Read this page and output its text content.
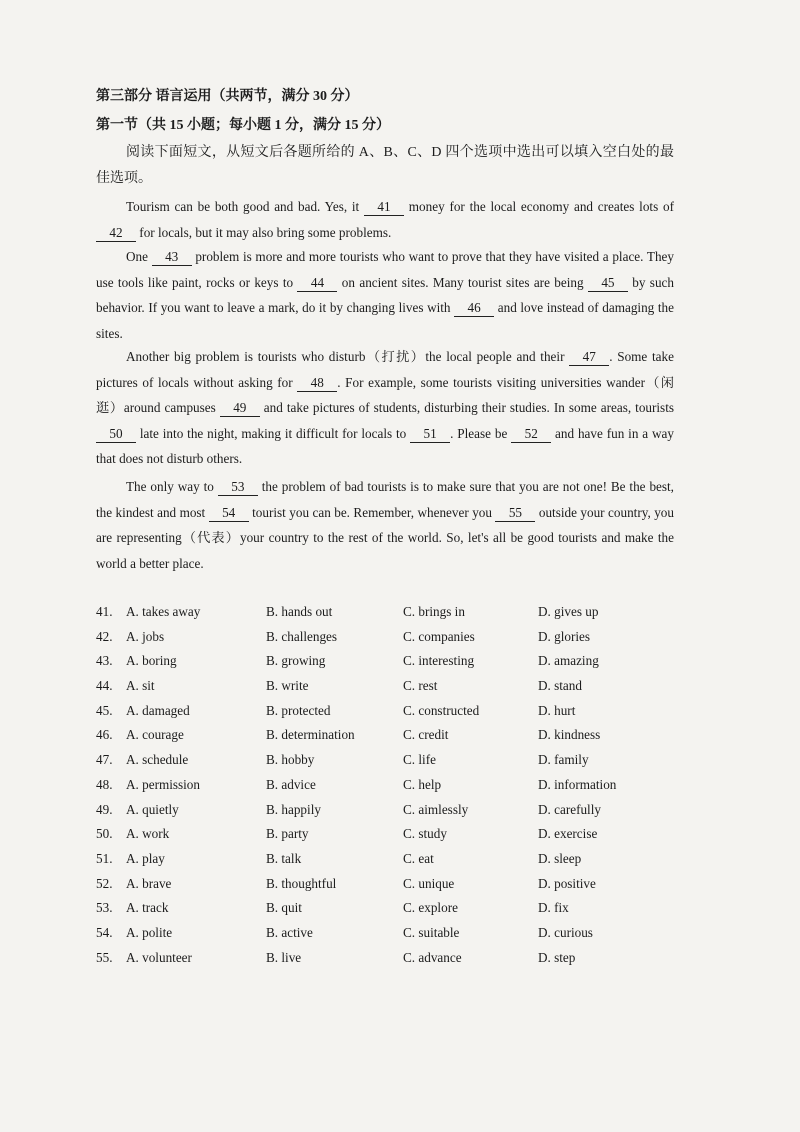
第三部分 语言运用（共两节，满分 30 分）
第一节（共 15 小题；每小题 1 分，满分 15 分）
阅读下面短文，从短文后各题所给的 A、B、C、D 四个选项中选出可以填入空白处的最佳选项。
Tourism can be both good and bad. Yes, it 41 money for the local economy and creates lots of 42 for locals, but it may also bring some problems.
One 43 problem is more and more tourists who want to prove that they have visited a place. They use tools like paint, rocks or keys to 44 on ancient sites. Many tourist sites are being 45 by such behavior. If you want to leave a mark, do it by changing lives with 46 and love instead of damaging the sites.
Another big problem is tourists who disturb（打扰）the local people and their 47 . Some take pictures of locals without asking for 48 . For example, some tourists visiting universities wander（闲逛）around campuses 49 and take pictures of students, disturbing their studies. In some areas, tourists 50 late into the night, making it difficult for locals to 51 . Please be 52 and have fun in a way that does not disturb others.
The only way to 53 the problem of bad tourists is to make sure that you are not one! Be the best, the kindest and most 54 tourist you can be. Remember, whenever you 55 outside your country, you are representing（代表）your country to the rest of the world. So, let's all be good tourists and make the world a better place.
41. A. takes away	B. hands out	C. brings in	D. gives up
42. A. jobs	B. challenges	C. companies	D. glories
43. A. boring	B. growing	C. interesting	D. amazing
44. A. sit	B. write	C. rest	D. stand
45. A. damaged	B. protected	C. constructed	D. hurt
46. A. courage	B. determination	C. credit	D. kindness
47. A. schedule	B. hobby	C. life	D. family
48. A. permission	B. advice	C. help	D. information
49. A. quietly	B. happily	C. aimlessly	D. carefully
50. A. work	B. party	C. study	D. exercise
51. A. play	B. talk	C. eat	D. sleep
52. A. brave	B. thoughtful	C. unique	D. positive
53. A. track	B. quit	C. explore	D. fix
54. A. polite	B. active	C. suitable	D. curious
55. A. volunteer	B. live	C. advance	D. step
